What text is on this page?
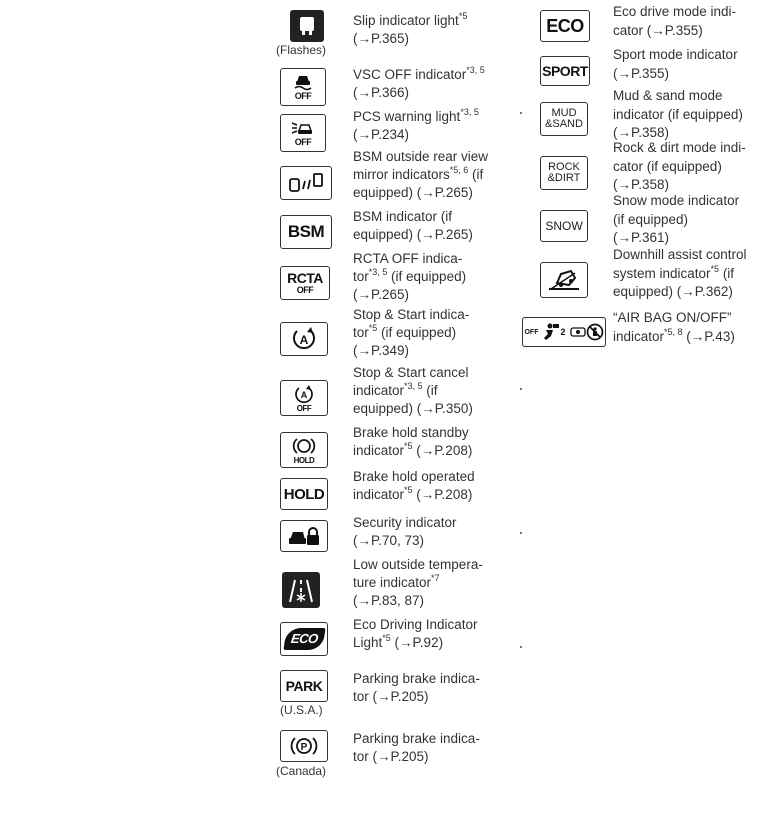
(Flashes)
Slip indicator light$^{*5}$
(→P.365)
OFF
VSC OFF indicator$^{*3, 5}$
(→P.366)
OFF
PCS warning light$^{*3, 5}$
(→P.234)
BSM outside rear view
mirror indicators$^{*5, 6}$ (if
equipped) (→P.265)
BSM
BSM indicator (if
equipped) (→P.265)
RCTA
OFF
RCTA OFF indica-
tor$^{*3, 5}$ (if equipped)
(→P.265)
A
Stop & Start indica-
tor$^{*5}$ (if equipped)
(→P.349)
A
OFF
Stop & Start cancel
indicator$^{*3, 5}$ (if
equipped) (→P.350)
HOLD
Brake hold standby
indicator$^{*5}$ (→P.208)
HOLD
Brake hold operated
indicator$^{*5}$ (→P.208)
Security indicator
(→P.70, 73)
Low outside tempera-
ture indicator$^{*7}$
(→P.83, 87)
ECO
Eco Driving Indicator
Light$^{*5}$ (→P.92)
PARK
(U.S.A.)
Parking brake indica-
tor (→P.205)
P
(Canada)
Parking brake indica-
tor (→P.205)
ECO
Eco drive mode indi-
cator (→P.355)
SPORT
Sport mode indicator
(→P.355)
MUD
&SAND
Mud & sand mode
indicator (if equipped)
(→P.358)
ROCK
&DIRT
Rock & dirt mode indi-
cator (if equipped)
(→P.358)
SNOW
Snow mode indicator
(if equipped)
(→P.361)
Downhill assist control
system indicator$^{*5}$ (if
equipped) (→P.362)
OFF 2
“AIR BAG ON/OFF”
indicator$^{*5, 8}$ (→P.43)
